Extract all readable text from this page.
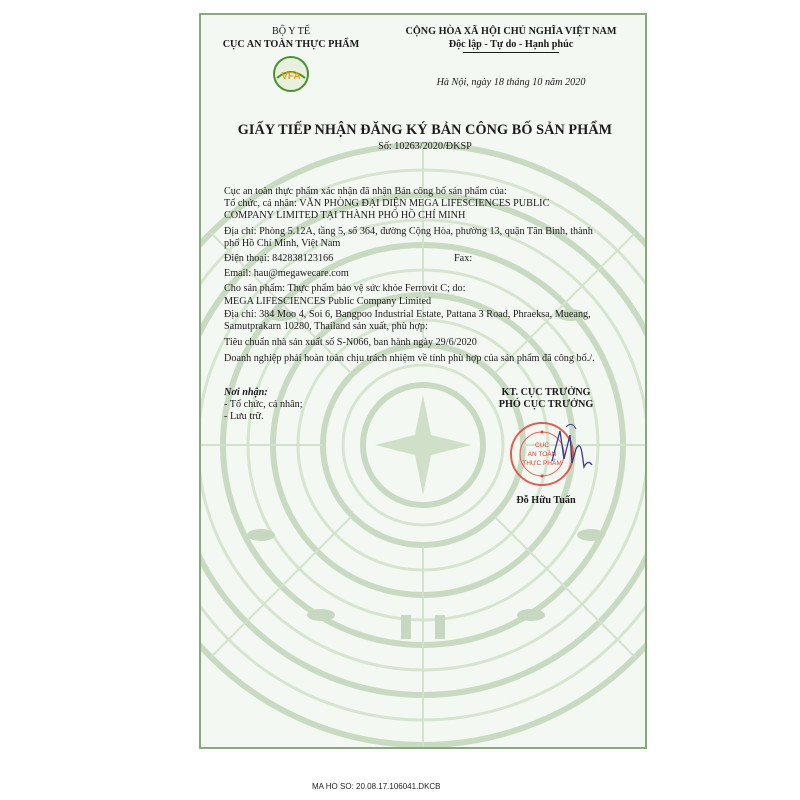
BỘ Y TẾ
CỤC AN TOÀN THỰC PHẨM
VFA
CỘNG HÒA XÃ HỘI CHỦ NGHĨA VIỆT NAM
Độc lập - Tự do - Hạnh phúc
Hà Nội, ngày 18 tháng 10 năm 2020
GIẤY TIẾP NHẬN ĐĂNG KÝ BẢN CÔNG BỐ SẢN PHẨM
Số: 10263/2020/ĐKSP
Cục an toàn thực phẩm xác nhận đã nhận Bản công bố sản phẩm của:
Tổ chức, cá nhân: VĂN PHÒNG ĐẠI DIỆN MEGA LIFESCIENCES PUBLIC
COMPANY LIMITED TẠI THÀNH PHỐ HỒ CHÍ MINH
Địa chỉ: Phòng 5.12A, tầng 5, số 364, đường Cộng Hòa, phường 13, quận Tân Bình, thành
phố Hồ Chí Minh, Việt Nam
Điện thoại: 842838123166	Fax:
Email: hau@megawecare.com
Cho sản phẩm: Thực phẩm bảo vệ sức khỏe Ferrovit C; do:
MEGA LIFESCIENCES Public Company Limited
Địa chỉ: 384 Moo 4, Soi 6, Bangpoo Industrial Estate, Pattana 3 Road, Phraeksa, Mueang,
Samutprakarn 10280, Thailand sản xuất, phù hợp:
Tiêu chuẩn nhà sản xuất số S-N066, ban hành ngày 29/6/2020
Doanh nghiệp phải hoàn toàn chịu trách nhiệm về tính phù hợp của sản phẩm đã công bố./.
Nơi nhận:
- Tổ chức, cá nhân;
- Lưu trữ.
KT. CỤC TRƯỞNG
PHÓ CỤC TRƯỞNG
CỤC
AN TOÀN
THỰC PHẨM
Đỗ Hữu Tuấn
MA HO SO: 20.08.17.106041.DKCB
